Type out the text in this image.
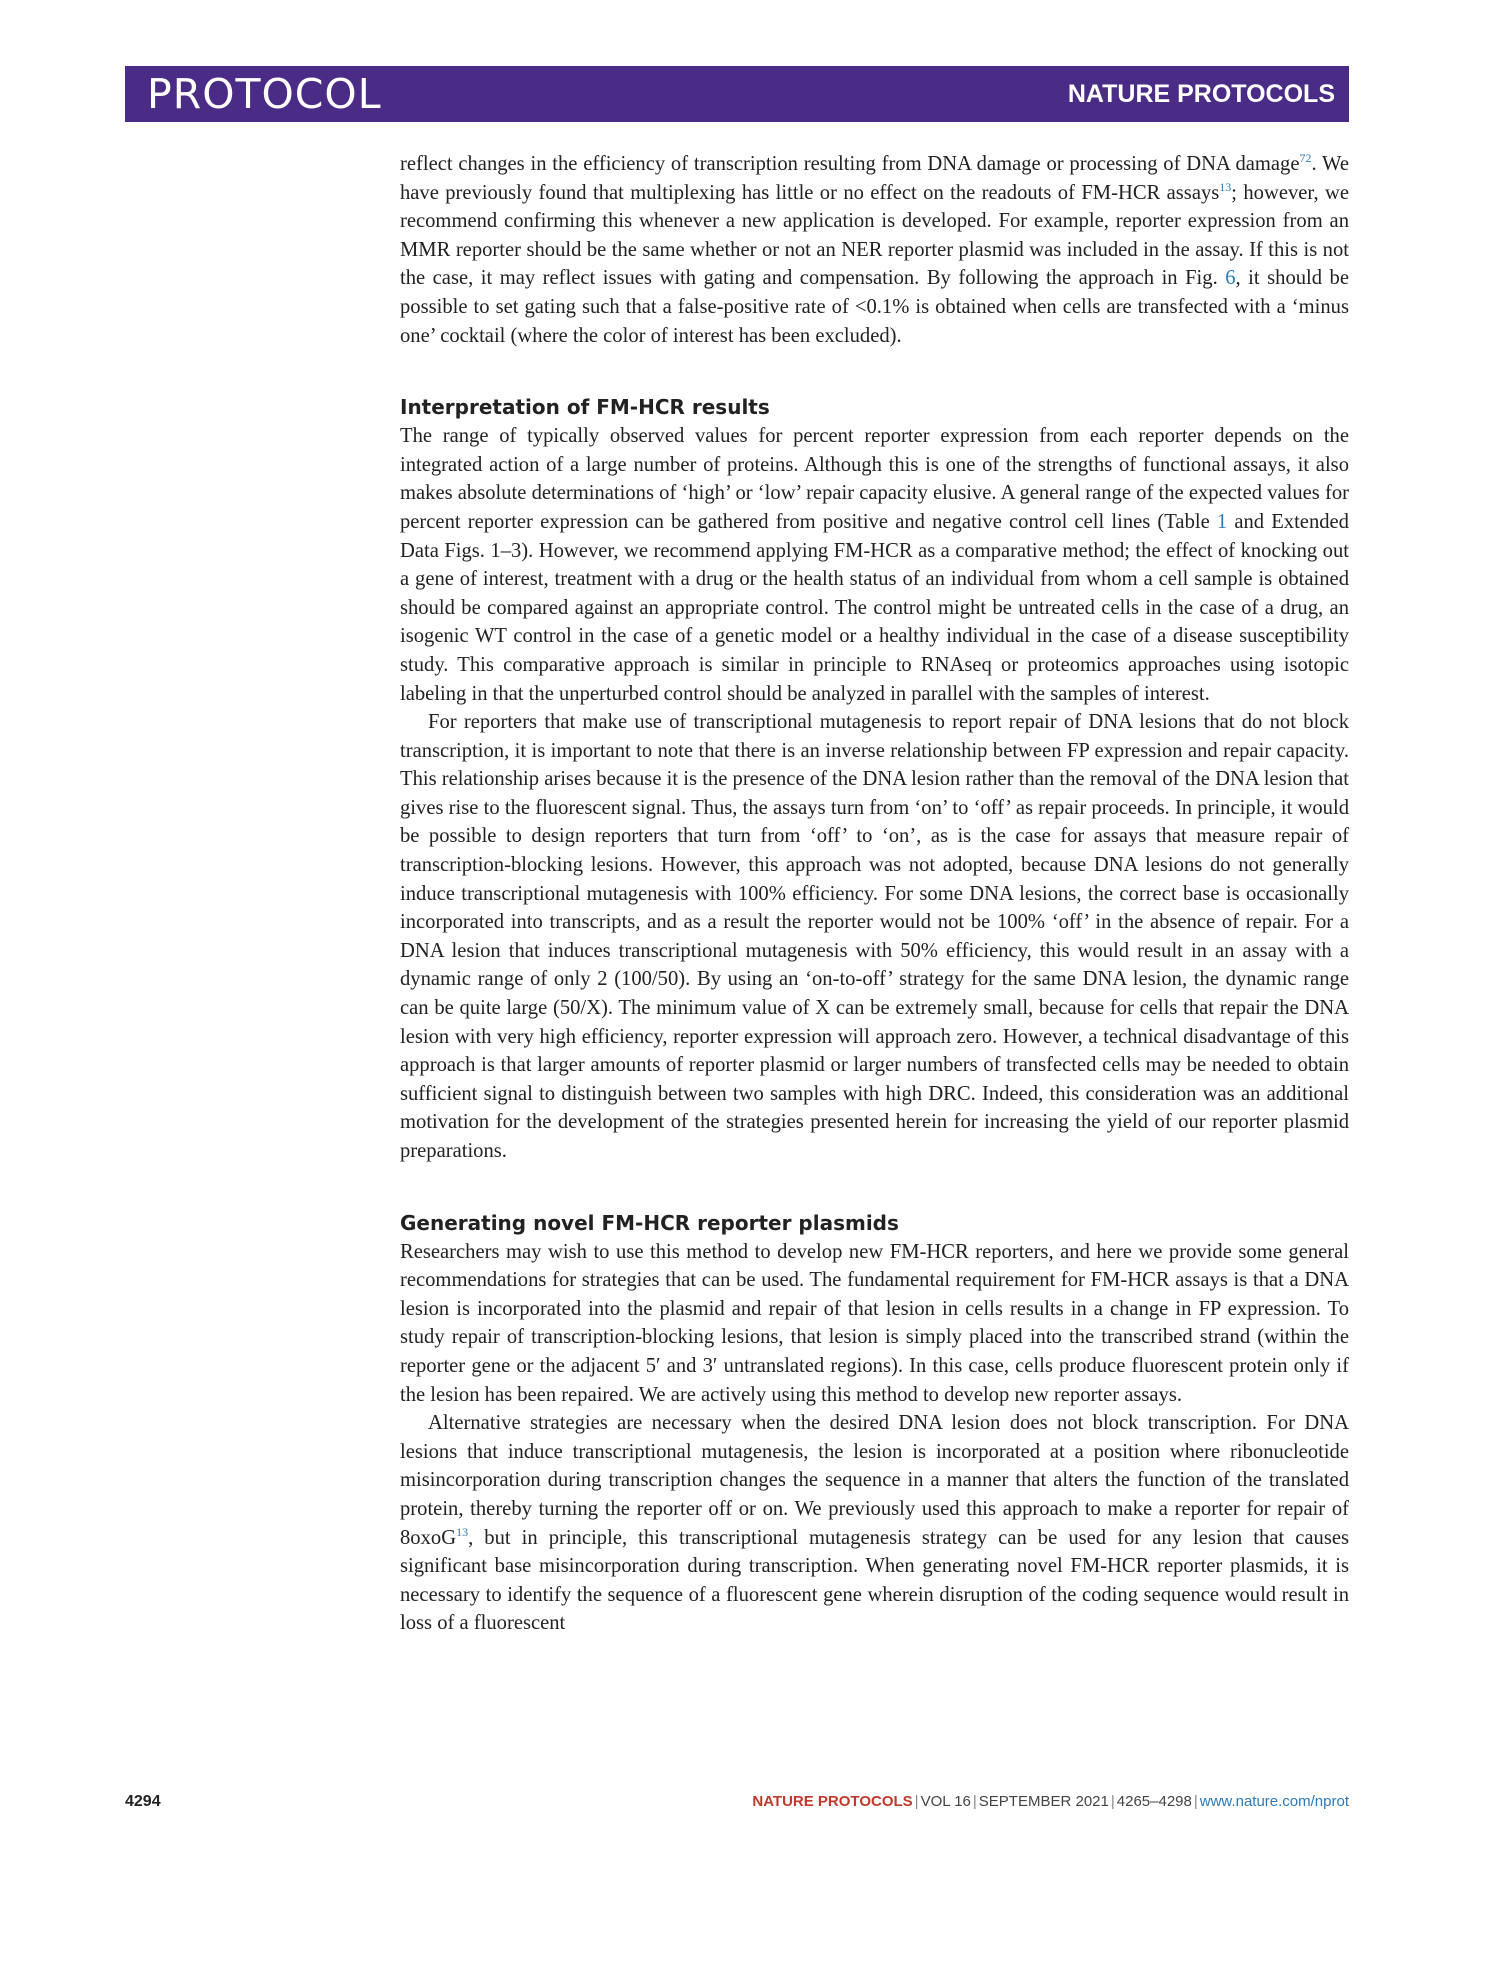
PROTOCOL	NATURE PROTOCOLS

reflect changes in the efficiency of transcription resulting from DNA damage or processing of DNA damage$^{72}$. We have previously found that multiplexing has little or no effect on the readouts of FM-HCR assays$^{13}$; however, we recommend confirming this whenever a new application is developed. For example, reporter expression from an MMR reporter should be the same whether or not an NER reporter plasmid was included in the assay. If this is not the case, it may reflect issues with gating and compensation. By following the approach in Fig. 6, it should be possible to set gating such that a false-positive rate of <0.1% is obtained when cells are transfected with a ‘minus one’ cocktail (where the color of interest has been excluded).

Interpretation of FM-HCR results

The range of typically observed values for percent reporter expression from each reporter depends on the integrated action of a large number of proteins. Although this is one of the strengths of functional assays, it also makes absolute determinations of ‘high’ or ‘low’ repair capacity elusive. A general range of the expected values for percent reporter expression can be gathered from positive and negative control cell lines (Table 1 and Extended Data Figs. 1–3). However, we recommend applying FM-HCR as a comparative method; the effect of knocking out a gene of interest, treatment with a drug or the health status of an individual from whom a cell sample is obtained should be compared against an appropriate control. The control might be untreated cells in the case of a drug, an isogenic WT control in the case of a genetic model or a healthy individual in the case of a disease susceptibility study. This comparative approach is similar in principle to RNAseq or proteomics approaches using isotopic labeling in that the unperturbed control should be analyzed in parallel with the samples of interest.

For reporters that make use of transcriptional mutagenesis to report repair of DNA lesions that do not block transcription, it is important to note that there is an inverse relationship between FP expression and repair capacity. This relationship arises because it is the presence of the DNA lesion rather than the removal of the DNA lesion that gives rise to the fluorescent signal. Thus, the assays turn from ‘on’ to ‘off’ as repair proceeds. In principle, it would be possible to design reporters that turn from ‘off’ to ‘on’, as is the case for assays that measure repair of transcription-blocking lesions. However, this approach was not adopted, because DNA lesions do not generally induce transcriptional mutagenesis with 100% efficiency. For some DNA lesions, the correct base is occasionally incorporated into transcripts, and as a result the reporter would not be 100% ‘off’ in the absence of repair. For a DNA lesion that induces transcriptional mutagenesis with 50% efficiency, this would result in an assay with a dynamic range of only 2 (100/50). By using an ‘on-to-off’ strategy for the same DNA lesion, the dynamic range can be quite large (50/X). The minimum value of X can be extremely small, because for cells that repair the DNA lesion with very high efficiency, reporter expression will approach zero. However, a technical disadvantage of this approach is that larger amounts of reporter plasmid or larger numbers of transfected cells may be needed to obtain sufficient signal to distinguish between two samples with high DRC. Indeed, this consideration was an additional motivation for the development of the strategies presented herein for increasing the yield of our reporter plasmid preparations.

Generating novel FM-HCR reporter plasmids

Researchers may wish to use this method to develop new FM-HCR reporters, and here we provide some general recommendations for strategies that can be used. The fundamental requirement for FM-HCR assays is that a DNA lesion is incorporated into the plasmid and repair of that lesion in cells results in a change in FP expression. To study repair of transcription-blocking lesions, that lesion is simply placed into the transcribed strand (within the reporter gene or the adjacent 5′ and 3′ untranslated regions). In this case, cells produce fluorescent protein only if the lesion has been repaired. We are actively using this method to develop new reporter assays.

Alternative strategies are necessary when the desired DNA lesion does not block transcription. For DNA lesions that induce transcriptional mutagenesis, the lesion is incorporated at a position where ribonucleotide misincorporation during transcription changes the sequence in a manner that alters the function of the translated protein, thereby turning the reporter off or on. We previously used this approach to make a reporter for repair of 8oxoG$^{13}$, but in principle, this transcriptional mutagenesis strategy can be used for any lesion that causes significant base misincorporation during transcription. When generating novel FM-HCR reporter plasmids, it is necessary to identify the sequence of a fluorescent gene wherein disruption of the coding sequence would result in loss of a fluorescent

4294	NATURE PROTOCOLS | VOL 16 | SEPTEMBER 2021 | 4265–4298 | www.nature.com/nprot
